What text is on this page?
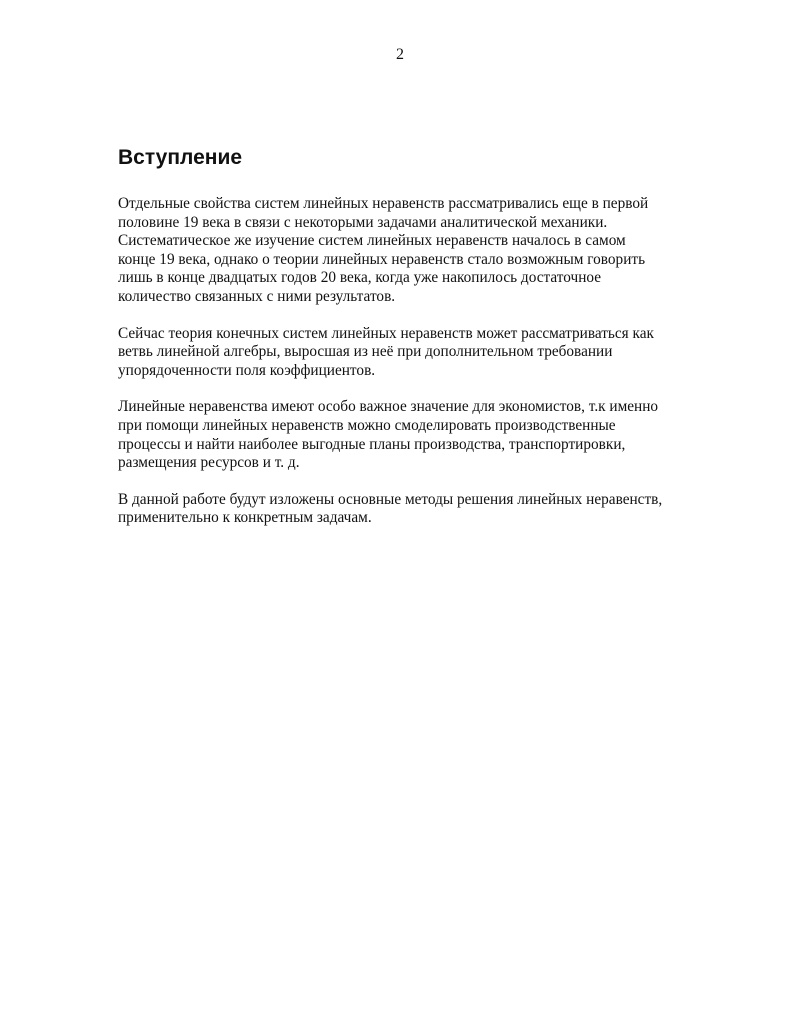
2
Вступление

Отдельные свойства систем линейных неравенств рассматривались еще в первой
половине 19 века в связи с некоторыми задачами аналитической механики.
Систематическое же изучение систем линейных неравенств началось в самом
конце 19 века, однако о теории линейных неравенств стало возможным говорить
лишь в конце двадцатых годов 20 века, когда уже накопилось достаточное
количество связанных с ними результатов.

Сейчас теория конечных систем линейных неравенств может рассматриваться как
ветвь линейной алгебры, выросшая из неё при дополнительном требовании
упорядоченности поля коэффициентов.

Линейные неравенства имеют особо важное значение для экономистов, т.к именно
при помощи линейных неравенств можно смоделировать производственные
процессы и найти наиболее выгодные планы производства, транспортировки,
размещения ресурсов и т. д.

В данной работе будут изложены основные методы решения линейных неравенств,
применительно к конкретным задачам.
